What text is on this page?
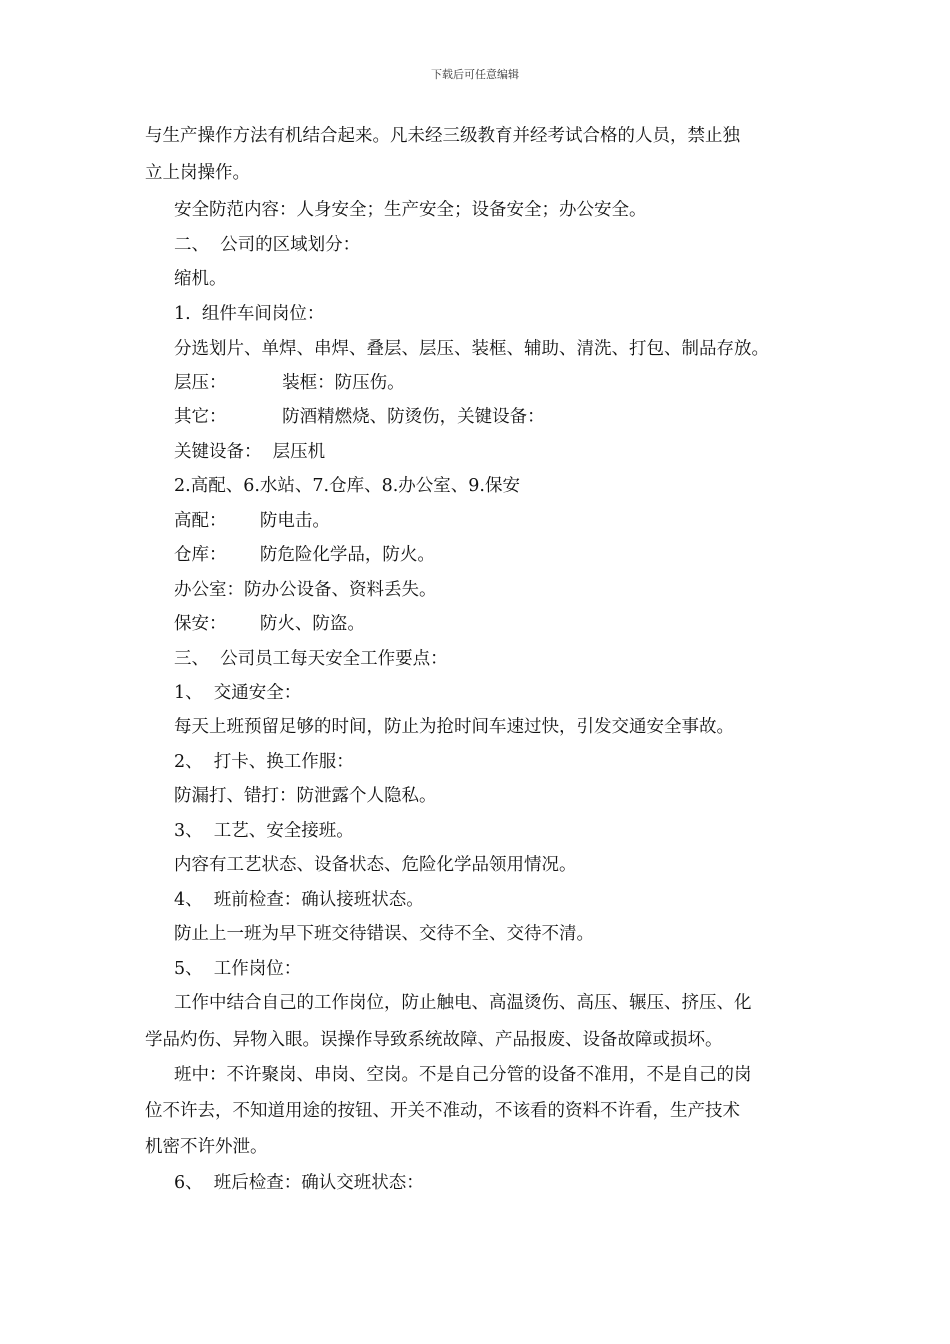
下载后可任意编辑
与生产操作方法有机结合起来。凡未经三级教育并经考试合格的人员，禁止独
立上岗操作。
安全防范内容：人身安全；生产安全；设备安全；办公安全。
二、  公司的区域划分：
缩机。
1.  组件车间岗位：
分选划片、单焊、串焊、叠层、层压、装框、辅助、清洗、打包、制品存放。
层压：          装框：防压伤。
其它：          防酒精燃烧、防烫伤，关键设备：
关键设备：  层压机
2.高配、6.水站、7.仓库、8.办公室、9.保安
高配：      防电击。
仓库：      防危险化学品，防火。
办公室：防办公设备、资料丢失。
保安：      防火、防盗。
三、  公司员工每天安全工作要点：
1、  交通安全：
每天上班预留足够的时间，防止为抢时间车速过快，引发交通安全事故。
2、  打卡、换工作服：
防漏打、错打：防泄露个人隐私。
3、  工艺、安全接班。
内容有工艺状态、设备状态、危险化学品领用情况。
4、  班前检查：确认接班状态。
防止上一班为早下班交待错误、交待不全、交待不清。
5、  工作岗位：
工作中结合自己的工作岗位，防止触电、高温烫伤、高压、辗压、挤压、化
学品灼伤、异物入眼。误操作导致系统故障、产品报废、设备故障或损坏。
班中：不许聚岗、串岗、空岗。不是自己分管的设备不准用，不是自己的岗
位不许去，不知道用途的按钮、开关不准动，不该看的资料不许看，生产技术
机密不许外泄。
6、  班后检查：确认交班状态：
